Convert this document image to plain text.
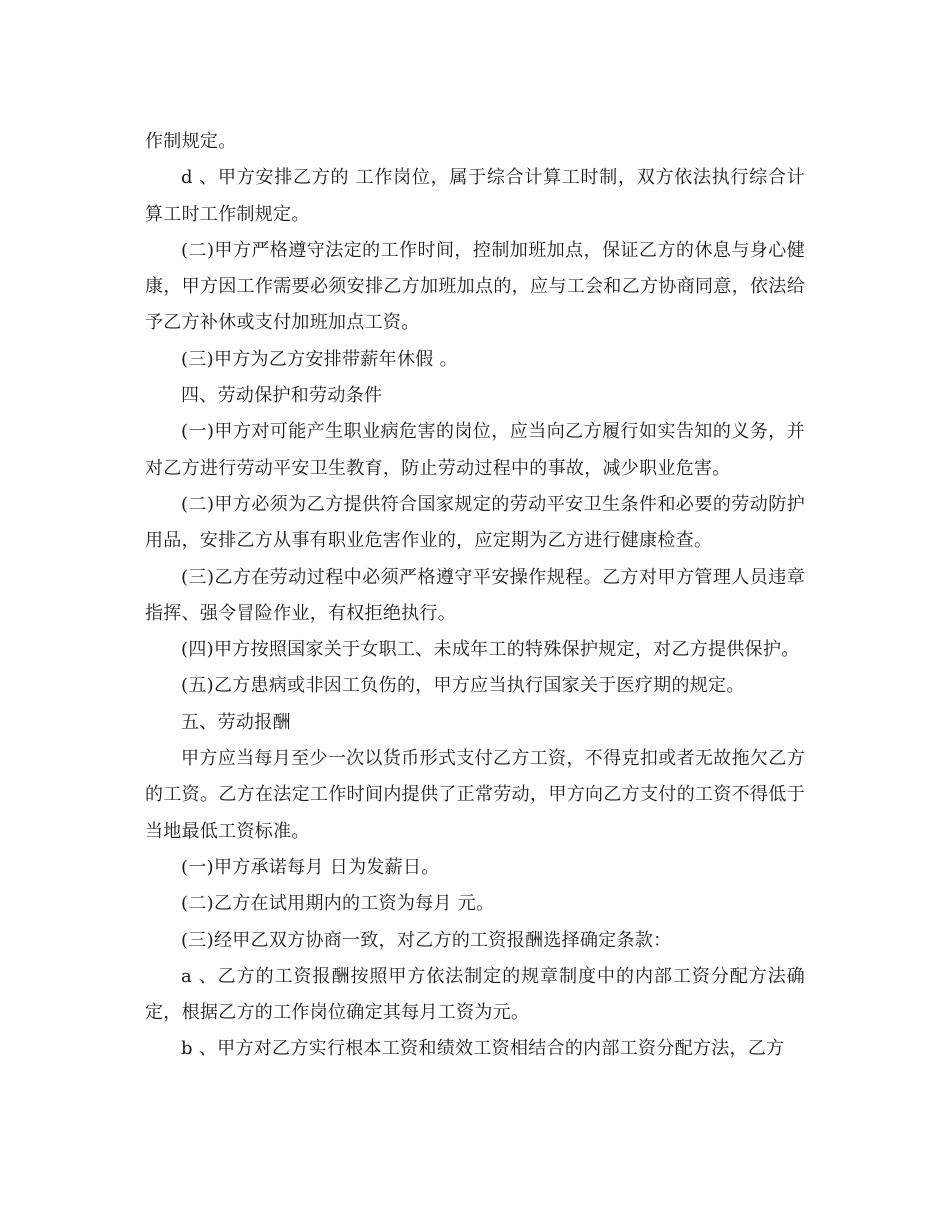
作制规定。

d 、甲方安排乙方的 工作岗位，属于综合计算工时制，双方依法执行综合计算工时工作制规定。

(二)甲方严格遵守法定的工作时间，控制加班加点，保证乙方的休息与身心健康，甲方因工作需要必须安排乙方加班加点的，应与工会和乙方协商同意，依法给予乙方补休或支付加班加点工资。

(三)甲方为乙方安排带薪年休假 。

四、劳动保护和劳动条件

(一)甲方对可能产生职业病危害的岗位，应当向乙方履行如实告知的义务，并对乙方进行劳动平安卫生教育，防止劳动过程中的事故，减少职业危害。

(二)甲方必须为乙方提供符合国家规定的劳动平安卫生条件和必要的劳动防护用品，安排乙方从事有职业危害作业的，应定期为乙方进行健康检查。

(三)乙方在劳动过程中必须严格遵守平安操作规程。乙方对甲方管理人员违章指挥、强令冒险作业，有权拒绝执行。

(四)甲方按照国家关于女职工、未成年工的特殊保护规定，对乙方提供保护。

(五)乙方患病或非因工负伤的，甲方应当执行国家关于医疗期的规定。

五、劳动报酬

甲方应当每月至少一次以货币形式支付乙方工资，不得克扣或者无故拖欠乙方的工资。乙方在法定工作时间内提供了正常劳动，甲方向乙方支付的工资不得低于当地最低工资标准。

(一)甲方承诺每月 日为发薪日。

(二)乙方在试用期内的工资为每月 元。

(三)经甲乙双方协商一致，对乙方的工资报酬选择确定条款：

a 、乙方的工资报酬按照甲方依法制定的规章制度中的内部工资分配方法确定，根据乙方的工作岗位确定其每月工资为元。

b 、甲方对乙方实行根本工资和绩效工资相结合的内部工资分配方法，乙方
